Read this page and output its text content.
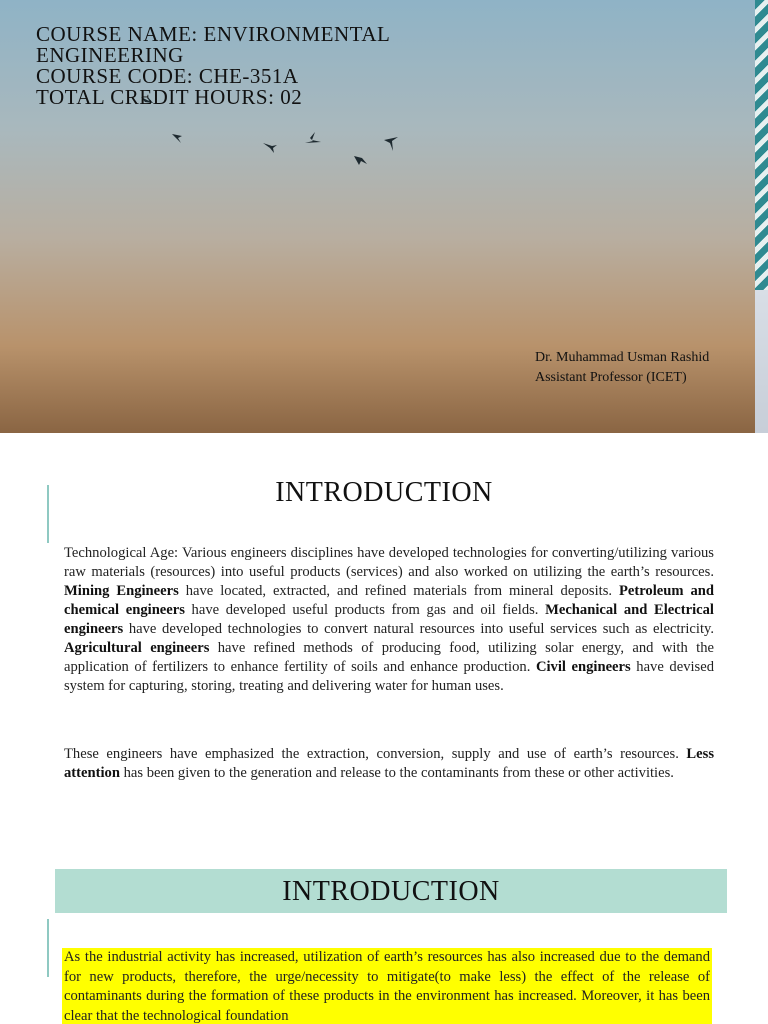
COURSE NAME: ENVIRONMENTAL
ENGINEERING
COURSE CODE: CHE-351A
TOTAL CREDIT HOURS: 02
Dr. Muhammad Usman Rashid
Assistant Professor (ICET)
INTRODUCTION

Technological Age: Various engineers disciplines have developed technologies for converting/utilizing various raw materials (resources) into useful products (services) and also worked on utilizing the earth’s resources. Mining Engineers have located, extracted, and refined materials from mineral deposits. Petroleum and chemical engineers have developed useful products from gas and oil fields. Mechanical and Electrical engineers have developed technologies to convert natural resources into useful services such as electricity. Agricultural engineers have refined methods of producing food, utilizing solar energy, and with the application of fertilizers to enhance fertility of soils and enhance production. Civil engineers have devised system for capturing, storing, treating and delivering water for human uses.

These engineers have emphasized the extraction, conversion, supply and use of earth’s resources. Less attention has been given to the generation and release to the contaminants from these or other activities.

INTRODUCTION

As the industrial activity has increased, utilization of earth’s resources has also increased due to the demand for new products, therefore, the urge/necessity to mitigate(to make less) the effect of the release of contaminants during the formation of these products in the environment has increased. Moreover, it has been clear that the technological foundation
